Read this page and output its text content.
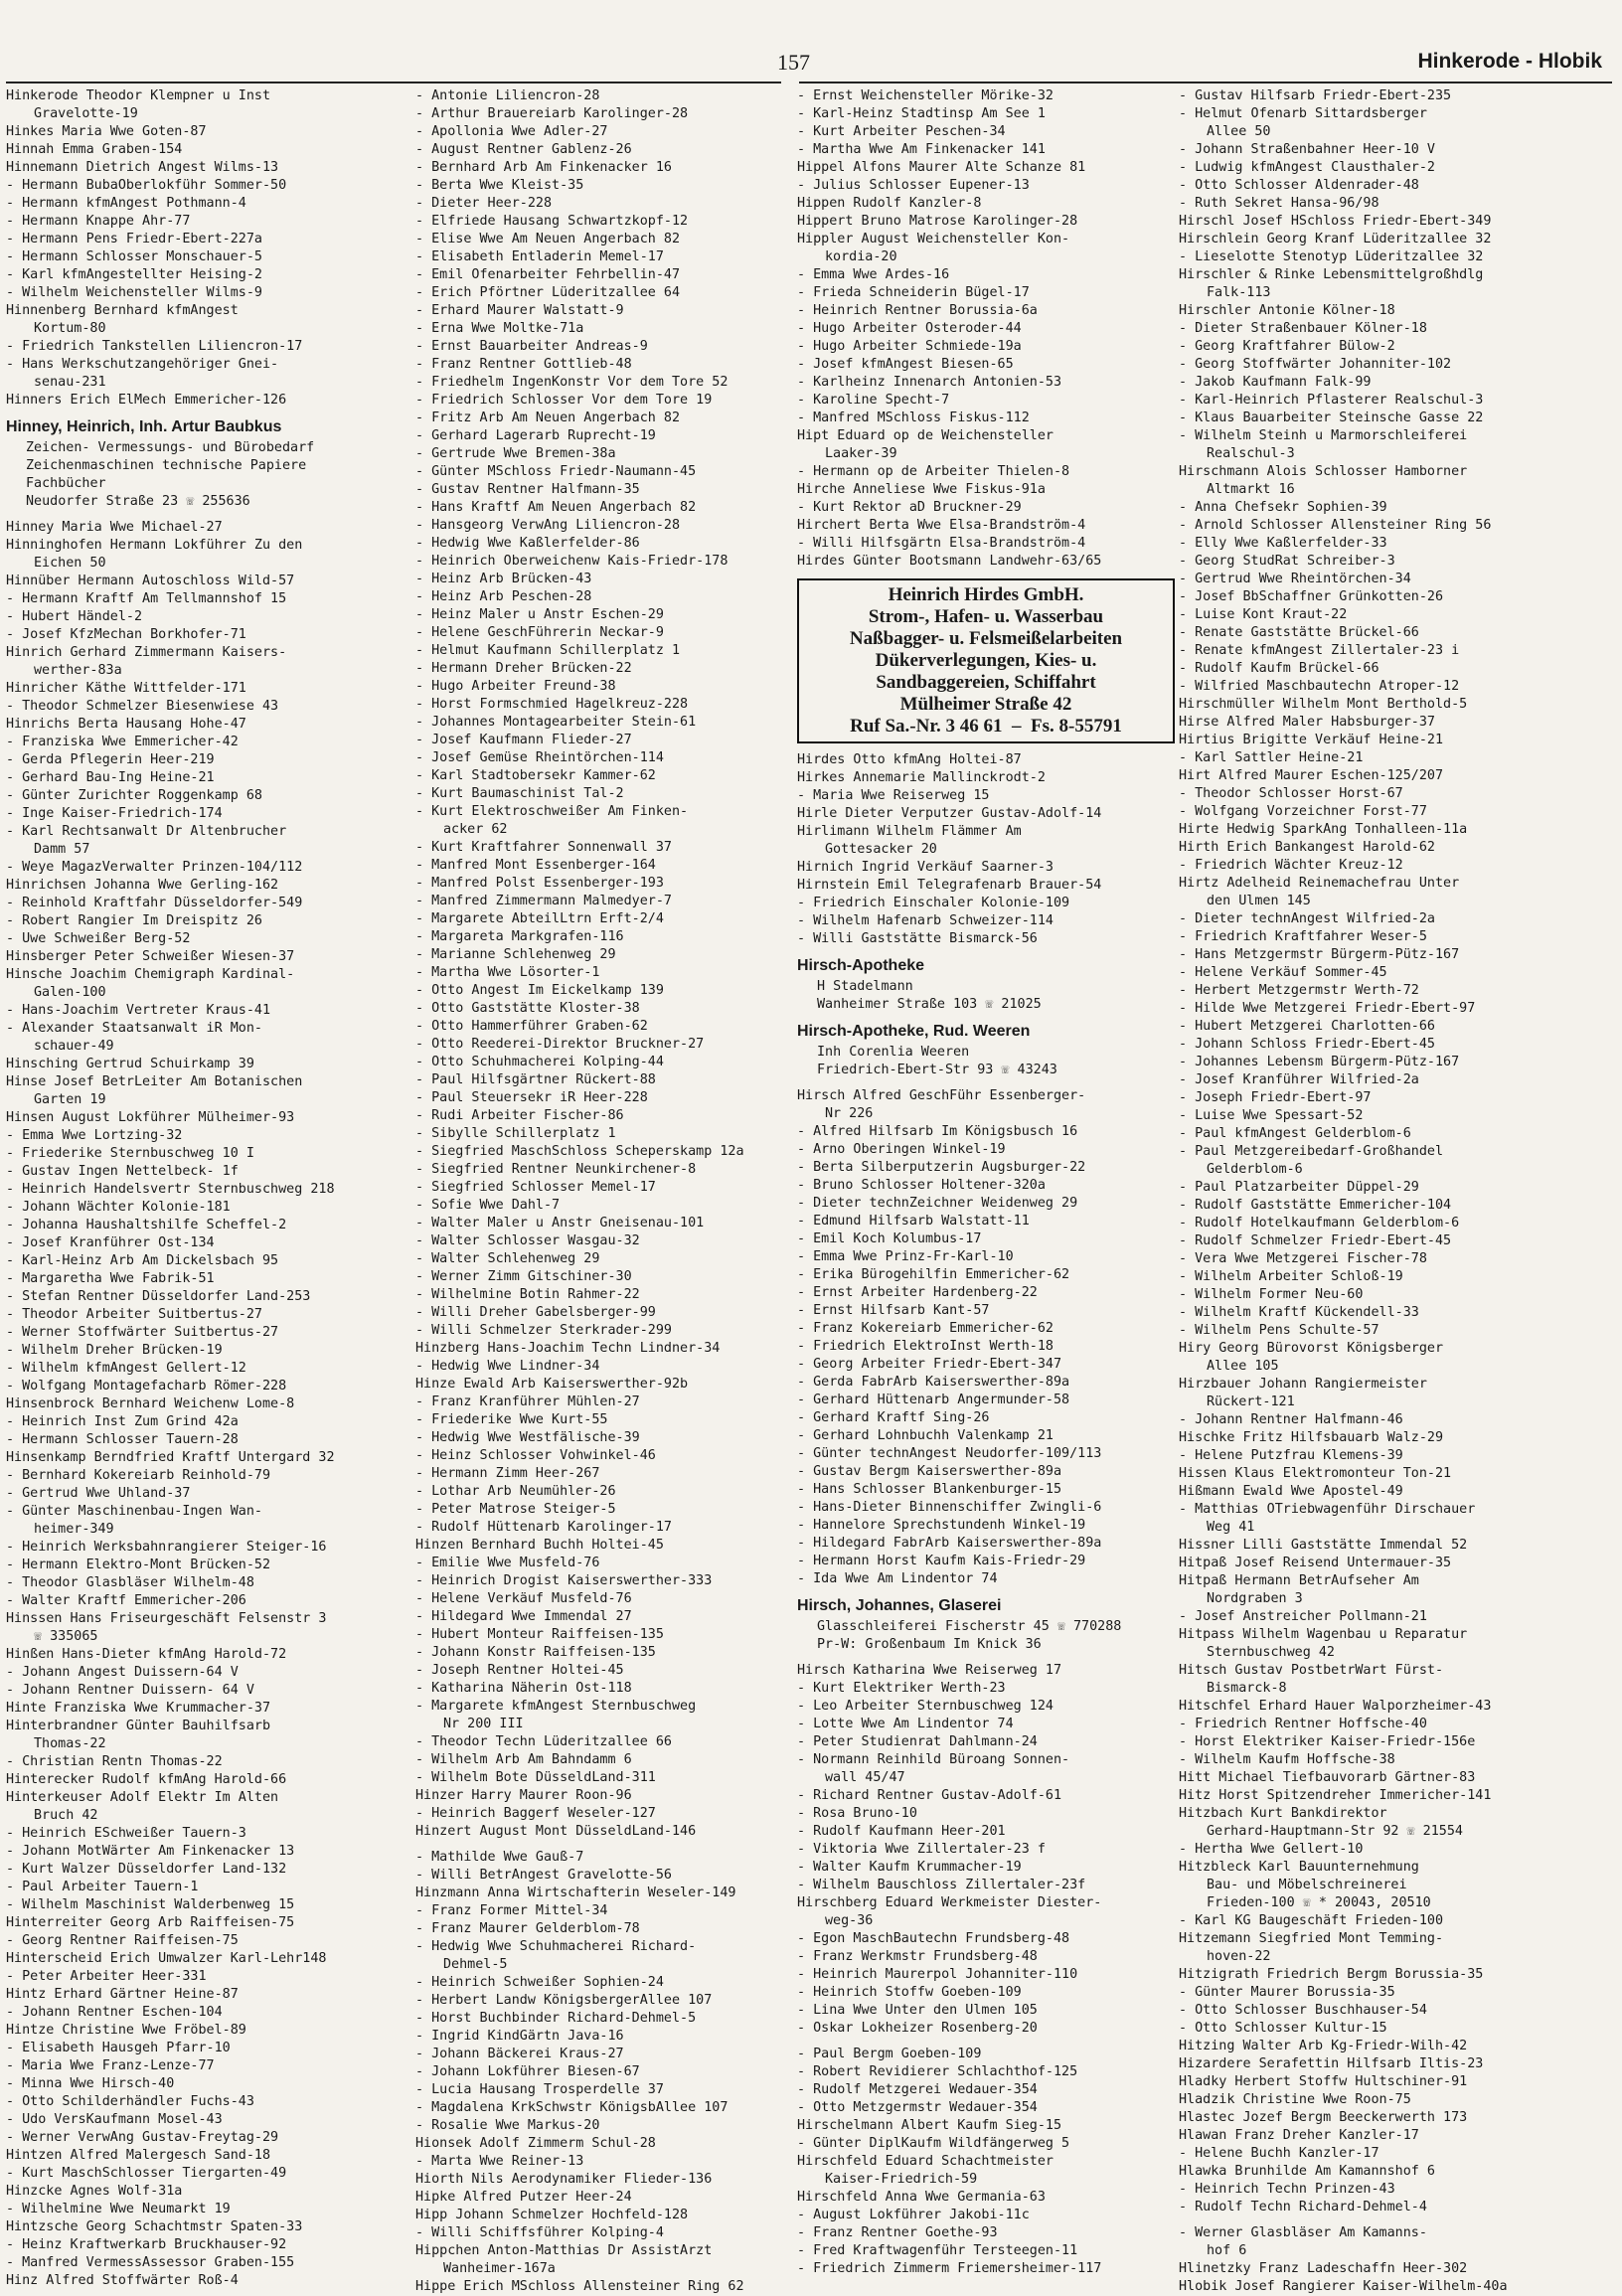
157	Hinkerode - Hlobik
Hinkerode Theodor Klempner u Inst
Gravelotte-19
Hinkes Maria Wwe Goten-87
Hinnah Emma Graben-154
Hinnemann Dietrich Angest Wilms-13
- Hermann BubaOberlokführ Sommer-50
- Hermann kfmAngest Pothmann-4
- Hermann Knappe Ahr-77
- Hermann Pens Friedr-Ebert-227a
- Hermann Schlosser Monschauer-5
- Karl kfmAngestellter Heising-2
- Wilhelm Weichensteller Wilms-9
Hinnenberg Bernhard kfmAngest
Kortum-80
- Friedrich Tankstellen Liliencron-17
- Hans Werkschutzangehöriger Gnei-
senau-231
Hinners Erich ElMech Emmericher-126
Hinney, Heinrich, Inh. Artur Baubkus
Zeichen- Vermessungs- und Bürobedarf
Zeichenmaschinen technische Papiere
Fachbücher
Neudorfer Straße 23 ☏ 255636
Hinney Maria Wwe Michael-27
Hinninghofen Hermann Lokführer Zu den
Eichen 50
Hinnüber Hermann Autoschloss Wild-57
- Hermann Kraftf Am Tellmannshof 15
- Hubert Händel-2
- Josef KfzMechan Borkhofer-71
Hinrich Gerhard Zimmermann Kaisers-
werther-83a
Hinricher Käthe Wittfelder-171
- Theodor Schmelzer Biesenwiese 43
Hinrichs Berta Hausang Hohe-47
- Franziska Wwe Emmericher-42
- Gerda Pflegerin Heer-219
- Gerhard Bau-Ing Heine-21
- Günter Zurichter Roggenkamp 68
- Inge Kaiser-Friedrich-174
- Karl Rechtsanwalt Dr Altenbrucher
Damm 57
- Weye MagazVerwalter Prinzen-104/112
Hinrichsen Johanna Wwe Gerling-162
- Reinhold Kraftfahr Düsseldorfer-549
- Robert Rangier Im Dreispitz 26
- Uwe Schweißer Berg-52
Hinsberger Peter Schweißer Wiesen-37
Hinsche Joachim Chemigraph Kardinal-
Galen-100
- Hans-Joachim Vertreter Kraus-41
- Alexander Staatsanwalt iR Mon-
schauer-49
Hinsching Gertrud Schuirkamp 39
Hinse Josef BetrLeiter Am Botanischen
Garten 19
Hinsen August Lokführer Mülheimer-93
- Emma Wwe Lortzing-32
- Friederike Sternbuschweg 10 I
- Gustav Ingen Nettelbeck- 1f
- Heinrich Handelsvertr Sternbuschweg 218
- Johann Wächter Kolonie-181
- Johanna Haushaltshilfe Scheffel-2
- Josef Kranführer Ost-134
- Karl-Heinz Arb Am Dickelsbach 95
- Margaretha Wwe Fabrik-51
- Stefan Rentner Düsseldorfer Land-253
- Theodor Arbeiter Suitbertus-27
- Werner Stoffwärter Suitbertus-27
- Wilhelm Dreher Brücken-19
- Wilhelm kfmAngest Gellert-12
- Wolfgang Montagefacharb Römer-228
Hinsenbrock Bernhard Weichenw Lome-8
- Heinrich Inst Zum Grind 42a
- Hermann Schlosser Tauern-28
Hinsenkamp Berndfried Kraftf Untergard 32
- Bernhard Kokereiarb Reinhold-79
- Gertrud Wwe Uhland-37
- Günter Maschinenbau-Ingen Wan-
heimer-349
- Heinrich Werksbahnrangierer Steiger-16
- Hermann Elektro-Mont Brücken-52
- Theodor Glasbläser Wilhelm-48
- Walter Kraftf Emmericher-206
Hinssen Hans Friseurgeschäft Felsenstr 3
☏ 335065
Hinßen Hans-Dieter kfmAng Harold-72
- Johann Angest Duissern-64 V
- Johann Rentner Duissern- 64 V
Hinte Franziska Wwe Krummacher-37
Hinterbrandner Günter Bauhilfsarb
Thomas-22
- Christian Rentn Thomas-22
Hinterecker Rudolf kfmAng Harold-66
Hinterkeuser Adolf Elektr Im Alten
Bruch 42
- Heinrich ESchweißer Tauern-3
- Johann MotWärter Am Finkenacker 13
- Kurt Walzer Düsseldorfer Land-132
- Paul Arbeiter Tauern-1
- Wilhelm Maschinist Walderbenweg 15
Hinterreiter Georg Arb Raiffeisen-75
- Georg Rentner Raiffeisen-75
Hinterscheid Erich Umwalzer Karl-Lehr148
- Peter Arbeiter Heer-331
Hintz Erhard Gärtner Heine-87
- Johann Rentner Eschen-104
Hintze Christine Wwe Fröbel-89
- Elisabeth Hausgeh Pfarr-10
- Maria Wwe Franz-Lenze-77
- Minna Wwe Hirsch-40
- Otto Schilderhändler Fuchs-43
- Udo VersKaufmann Mosel-43
- Werner VerwAng Gustav-Freytag-29
Hintzen Alfred Malergesch Sand-18
- Kurt MaschSchlosser Tiergarten-49
Hinzcke Agnes Wolf-31a
- Wilhelmine Wwe Neumarkt 19
Hintzsche Georg Schachtmstr Spaten-33
- Heinz Kraftwerkarb Bruckhauser-92
- Manfred VermessAssessor Graben-155
Hinz Alfred Stoffwärter Roß-4
- Antonie Liliencron-28
- Arthur Brauereiarb Karolinger-28
- Apollonia Wwe Adler-27
- August Rentner Gablenz-26
- Bernhard Arb Am Finkenacker 16
- Berta Wwe Kleist-35
- Dieter Heer-228
- Elfriede Hausang Schwartzkopf-12
- Elise Wwe Am Neuen Angerbach 82
- Elisabeth Entladerin Memel-17
- Emil Ofenarbeiter Fehrbellin-47
- Erich Pförtner Lüderitzallee 64
- Erhard Maurer Walstatt-9
- Erna Wwe Moltke-71a
- Ernst Bauarbeiter Andreas-9
- Franz Rentner Gottlieb-48
- Friedhelm IngenKonstr Vor dem Tore 52
- Friedrich Schlosser Vor dem Tore 19
- Fritz Arb Am Neuen Angerbach 82
- Gerhard Lagerarb Ruprecht-19
- Gertrude Wwe Bremen-38a
- Günter MSchloss Friedr-Naumann-45
- Gustav Rentner Halfmann-35
- Hans Kraftf Am Neuen Angerbach 82
- Hansgeorg VerwAng Liliencron-28
- Hedwig Wwe Kaßlerfelder-86
- Heinrich Oberweichenw Kais-Friedr-178
- Heinz Arb Brücken-43
- Heinz Arb Peschen-28
- Heinz Maler u Anstr Eschen-29
- Helene GeschFührerin Neckar-9
- Helmut Kaufmann Schillerplatz 1
- Hermann Dreher Brücken-22
- Hugo Arbeiter Freund-38
- Horst Formschmied Hagelkreuz-228
- Johannes Montagearbeiter Stein-61
- Josef Kaufmann Flieder-27
- Josef Gemüse Rheintörchen-114
- Karl Stadtobersekr Kammer-62
- Kurt Baumaschinist Tal-2
- Kurt Elektroschweißer Am Finken-
acker 62
- Kurt Kraftfahrer Sonnenwall 37
- Manfred Mont Essenberger-164
- Manfred Polst Essenberger-193
- Manfred Zimmermann Malmedyer-7
- Margarete AbteilLtrn Erft-2/4
- Margareta Markgrafen-116
- Marianne Schlehenweg 29
- Martha Wwe Lösorter-1
- Otto Angest Im Eickelkamp 139
- Otto Gaststätte Kloster-38
- Otto Hammerführer Graben-62
- Otto Reederei-Direktor Bruckner-27
- Otto Schuhmacherei Kolping-44
- Paul Hilfsgärtner Rückert-88
- Paul Steuersekr iR Heer-228
- Rudi Arbeiter Fischer-86
- Sibylle Schillerplatz 1
- Siegfried MaschSchloss Scheperskamp 12a
- Siegfried Rentner Neunkirchener-8
- Siegfried Schlosser Memel-17
- Sofie Wwe Dahl-7
- Walter Maler u Anstr Gneisenau-101
- Walter Schlosser Wasgau-32
- Walter Schlehenweg 29
- Werner Zimm Gitschiner-30
- Wilhelmine Botin Rahmer-22
- Willi Dreher Gabelsberger-99
- Willi Schmelzer Sterkrader-299
Hinzberg Hans-Joachim Techn Lindner-34
- Hedwig Wwe Lindner-34
Hinze Ewald Arb Kaiserswerther-92b
- Franz Kranführer Mühlen-27
- Friederike Wwe Kurt-55
- Hedwig Wwe Westfälische-39
- Heinz Schlosser Vohwinkel-46
- Hermann Zimm Heer-267
- Lothar Arb Neumühler-26
- Peter Matrose Steiger-5
- Rudolf Hüttenarb Karolinger-17
Hinzen Bernhard Buchh Holtei-45
- Emilie Wwe Musfeld-76
- Heinrich Drogist Kaiserswerther-333
- Helene Verkäuf Musfeld-76
- Hildegard Wwe Immendal 27
- Hubert Monteur Raiffeisen-135
- Johann Konstr Raiffeisen-135
- Joseph Rentner Holtei-45
- Katharina Näherin Ost-118
- Margarete kfmAngest Sternbuschweg
Nr 200 III
- Theodor Techn Lüderitzallee 66
- Wilhelm Arb Am Bahndamm 6
- Wilhelm Bote DüsseldLand-311
Hinzer Harry Maurer Roon-96
- Heinrich Baggerf Weseler-127
Hinzert August Mont DüsseldLand-146
- Mathilde Wwe Gauß-7
- Willi BetrAngest Gravelotte-56
Hinzmann Anna Wirtschafterin Weseler-149
- Franz Former Mittel-34
- Franz Maurer Gelderblom-78
- Hedwig Wwe Schuhmacherei Richard-
Dehmel-5
- Heinrich Schweißer Sophien-24
- Herbert Landw KönigsbergerAllee 107
- Horst Buchbinder Richard-Dehmel-5
- Ingrid KindGärtn Java-16
- Johann Bäckerei Kraus-27
- Johann Lokführer Biesen-67
- Lucia Hausang Trosperdelle 37
- Magdalena KrkSchwstr KönigsbAllee 107
- Rosalie Wwe Markus-20
Hionsek Adolf Zimmerm Schul-28
- Marta Wwe Reiner-13
Hiorth Nils Aerodynamiker Flieder-136
Hipke Alfred Putzer Heer-24
Hipp Johann Schmelzer Hochfeld-128
- Willi Schiffsführer Kolping-4
Hippchen Anton-Matthias Dr AssistArzt
Wanheimer-167a
Hippe Erich MSchloss Allensteiner Ring 62
- Ernst Weichensteller Mörike-32
- Karl-Heinz Stadtinsp Am See 1
- Kurt Arbeiter Peschen-34
- Martha Wwe Am Finkenacker 141
Hippel Alfons Maurer Alte Schanze 81
- Julius Schlosser Eupener-13
Hippen Rudolf Kanzler-8
Hippert Bruno Matrose Karolinger-28
Hippler August Weichensteller Kon-
kordia-20
- Emma Wwe Ardes-16
- Frieda Schneiderin Bügel-17
- Heinrich Rentner Borussia-6a
- Hugo Arbeiter Osteroder-44
- Hugo Arbeiter Schmiede-19a
- Josef kfmAngest Biesen-65
- Karlheinz Innenarch Antonien-53
- Karoline Specht-7
- Manfred MSchloss Fiskus-112
Hipt Eduard op de Weichensteller
Laaker-39
- Hermann op de Arbeiter Thielen-8
Hirche Anneliese Wwe Fiskus-91a
- Kurt Rektor aD Bruckner-29
Hirchert Berta Wwe Elsa-Brandström-4
- Willi Hilfsgärtn Elsa-Brandström-4
Hirdes Günter Bootsmann Landwehr-63/65
Heinrich Hirdes GmbH.
Strom-, Hafen- u. Wasserbau
Naßbagger- u. Felsmeißelarbeiten
Dükerverlegungen, Kies- u.
Sandbaggereien, Schiffahrt
Mülheimer Straße 42
Ruf Sa.-Nr. 3 46 61  –  Fs. 8-55791
Hirdes Otto kfmAng Holtei-87
Hirkes Annemarie Mallinckrodt-2
- Maria Wwe Reiserweg 15
Hirle Dieter Verputzer Gustav-Adolf-14
Hirlimann Wilhelm Flämmer Am
Gottesacker 20
Hirnich Ingrid Verkäuf Saarner-3
Hirnstein Emil Telegrafenarb Brauer-54
- Friedrich Einschaler Kolonie-109
- Wilhelm Hafenarb Schweizer-114
- Willi Gaststätte Bismarck-56
Hirsch-Apotheke
H Stadelmann
Wanheimer Straße 103 ☏ 21025
Hirsch-Apotheke, Rud. Weeren
Inh Corenlia Weeren
Friedrich-Ebert-Str 93 ☏ 43243
Hirsch Alfred GeschFühr Essenberger-
Nr 226
- Alfred Hilfsarb Im Königsbusch 16
- Arno Oberingen Winkel-19
- Berta Silberputzerin Augsburger-22
- Bruno Schlosser Holtener-320a
- Dieter technZeichner Weidenweg 29
- Edmund Hilfsarb Walstatt-11
- Emil Koch Kolumbus-17
- Emma Wwe Prinz-Fr-Karl-10
- Erika Bürogehilfin Emmericher-62
- Ernst Arbeiter Hardenberg-22
- Ernst Hilfsarb Kant-57
- Franz Kokereiarb Emmericher-62
- Friedrich ElektroInst Werth-18
- Georg Arbeiter Friedr-Ebert-347
- Gerda FabrArb Kaiserswerther-89a
- Gerhard Hüttenarb Angermunder-58
- Gerhard Kraftf Sing-26
- Gerhard Lohnbuchh Valenkamp 21
- Günter technAngest Neudorfer-109/113
- Gustav Bergm Kaiserswerther-89a
- Hans Schlosser Blankenburger-15
- Hans-Dieter Binnenschiffer Zwingli-6
- Hannelore Sprechstundenh Winkel-19
- Hildegard FabrArb Kaiserswerther-89a
- Hermann Horst Kaufm Kais-Friedr-29
- Ida Wwe Am Lindentor 74
Hirsch, Johannes, Glaserei
Glasschleiferei Fischerstr 45 ☏ 770288
Pr-W: Großenbaum Im Knick 36
Hirsch Katharina Wwe Reiserweg 17
- Kurt Elektriker Werth-23
- Leo Arbeiter Sternbuschweg 124
- Lotte Wwe Am Lindentor 74
- Peter Studienrat Dahlmann-24
- Normann Reinhild Büroang Sonnen-
wall 45/47
- Richard Rentner Gustav-Adolf-61
- Rosa Bruno-10
- Rudolf Kaufmann Heer-201
- Viktoria Wwe Zillertaler-23 f
- Walter Kaufm Krummacher-19
- Wilhelm Bauschloss Zillertaler-23f
Hirschberg Eduard Werkmeister Diester-
weg-36
- Egon MaschBautechn Frundsberg-48
- Franz Werkmstr Frundsberg-48
- Heinrich Maurerpol Johanniter-110
- Heinrich Stoffw Goeben-109
- Lina Wwe Unter den Ulmen 105
- Oskar Lokheizer Rosenberg-20
- Paul Bergm Goeben-109
- Robert Revidierer Schlachthof-125
- Rudolf Metzgerei Wedauer-354
- Otto Metzgermstr Wedauer-354
Hirschelmann Albert Kaufm Sieg-15
- Günter DiplKaufm Wildfängerweg 5
Hirschfeld Eduard Schachtmeister
Kaiser-Friedrich-59
Hirschfeld Anna Wwe Germania-63
- August Lokführer Jakobi-11c
- Franz Rentner Goethe-93
- Fred Kraftwagenführ Tersteegen-11
- Friedrich Zimmerm Friemersheimer-117
- Gustav Hilfsarb Friedr-Ebert-235
- Helmut Ofenarb Sittardsberger
Allee 50
- Johann Straßenbahner Heer-10 V
- Ludwig kfmAngest Clausthaler-2
- Otto Schlosser Aldenrader-48
- Ruth Sekret Hansa-96/98
Hirschl Josef HSchloss Friedr-Ebert-349
Hirschlein Georg Kranf Lüderitzallee 32
- Lieselotte Stenotyp Lüderitzallee 32
Hirschler & Rinke Lebensmittelgroßhdlg
Falk-113
Hirschler Antonie Kölner-18
- Dieter Straßenbauer Kölner-18
- Georg Kraftfahrer Bülow-2
- Georg Stoffwärter Johanniter-102
- Jakob Kaufmann Falk-99
- Karl-Heinrich Pflasterer Realschul-3
- Klaus Bauarbeiter Steinsche Gasse 22
- Wilhelm Steinh u Marmorschleiferei
Realschul-3
Hirschmann Alois Schlosser Hamborner
Altmarkt 16
- Anna Chefsekr Sophien-39
- Arnold Schlosser Allensteiner Ring 56
- Elly Wwe Kaßlerfelder-33
- Georg StudRat Schreiber-3
- Gertrud Wwe Rheintörchen-34
- Josef BbSchaffner Grünkotten-26
- Luise Kont Kraut-22
- Renate Gaststätte Brückel-66
- Renate kfmAngest Zillertaler-23 i
- Rudolf Kaufm Brückel-66
- Wilfried Maschbautechn Atroper-12
Hirschmüller Wilhelm Mont Berthold-5
Hirse Alfred Maler Habsburger-37
Hirtius Brigitte Verkäuf Heine-21
- Karl Sattler Heine-21
Hirt Alfred Maurer Eschen-125/207
- Theodor Schlosser Horst-67
- Wolfgang Vorzeichner Forst-77
Hirte Hedwig SparkAng Tonhalleen-11a
Hirth Erich Bankangest Harold-62
- Friedrich Wächter Kreuz-12
Hirtz Adelheid Reinemachefrau Unter
den Ulmen 145
- Dieter technAngest Wilfried-2a
- Friedrich Kraftfahrer Weser-5
- Hans Metzgermstr Bürgerm-Pütz-167
- Helene Verkäuf Sommer-45
- Herbert Metzgermstr Werth-72
- Hilde Wwe Metzgerei Friedr-Ebert-97
- Hubert Metzgerei Charlotten-66
- Johann Schloss Friedr-Ebert-45
- Johannes Lebensm Bürgerm-Pütz-167
- Josef Kranführer Wilfried-2a
- Joseph Friedr-Ebert-97
- Luise Wwe Spessart-52
- Paul kfmAngest Gelderblom-6
- Paul Metzgereibedarf-Großhandel
Gelderblom-6
- Paul Platzarbeiter Düppel-29
- Rudolf Gaststätte Emmericher-104
- Rudolf Hotelkaufmann Gelderblom-6
- Rudolf Schmelzer Friedr-Ebert-45
- Vera Wwe Metzgerei Fischer-78
- Wilhelm Arbeiter Schloß-19
- Wilhelm Former Neu-60
- Wilhelm Kraftf Kückendell-33
- Wilhelm Pens Schulte-57
Hiry Georg Bürovorst Königsberger
Allee 105
Hirzbauer Johann Rangiermeister
Rückert-121
- Johann Rentner Halfmann-46
Hischke Fritz Hilfsbauarb Walz-29
- Helene Putzfrau Klemens-39
Hissen Klaus Elektromonteur Ton-21
Hißmann Ewald Wwe Apostel-49
- Matthias OTriebwagenführ Dirschauer
Weg 41
Hissner Lilli Gaststätte Immendal 52
Hitpaß Josef Reisend Untermauer-35
Hitpaß Hermann BetrAufseher Am
Nordgraben 3
- Josef Anstreicher Pollmann-21
Hitpass Wilhelm Wagenbau u Reparatur
Sternbuschweg 42
Hitsch Gustav PostbetrWart Fürst-
Bismarck-8
Hitschfel Erhard Hauer Walporzheimer-43
- Friedrich Rentner Hoffsche-40
- Horst Elektriker Kaiser-Friedr-156e
- Wilhelm Kaufm Hoffsche-38
Hitt Michael Tiefbauvorarb Gärtner-83
Hitz Horst Spitzendreher Immericher-141
Hitzbach Kurt Bankdirektor
Gerhard-Hauptmann-Str 92 ☏ 21554
- Hertha Wwe Gellert-10
Hitzbleck Karl Bauunternehmung
Bau- und Möbelschreinerei
Frieden-100 ☏ * 20043, 20510
- Karl KG Baugeschäft Frieden-100
Hitzemann Siegfried Mont Temming-
hoven-22
Hitzigrath Friedrich Bergm Borussia-35
- Günter Maurer Borussia-35
- Otto Schlosser Buschhauser-54
- Otto Schlosser Kultur-15
Hitzing Walter Arb Kg-Friedr-Wilh-42
Hizardere Serafettin Hilfsarb Iltis-23
Hladky Herbert Stoffw Hultschiner-91
Hladzik Christine Wwe Roon-75
Hlastec Jozef Bergm Beeckerwerth 173
Hlawan Franz Dreher Kanzler-17
- Helene Buchh Kanzler-17
Hlawka Brunhilde Am Kamannshof 6
- Heinrich Techn Prinzen-43
- Rudolf Techn Richard-Dehmel-4
- Werner Glasbläser Am Kamanns-
hof 6
Hlinetzky Franz Ladeschaffn Heer-302
Hlobik Josef Rangierer Kaiser-Wilhelm-40a
